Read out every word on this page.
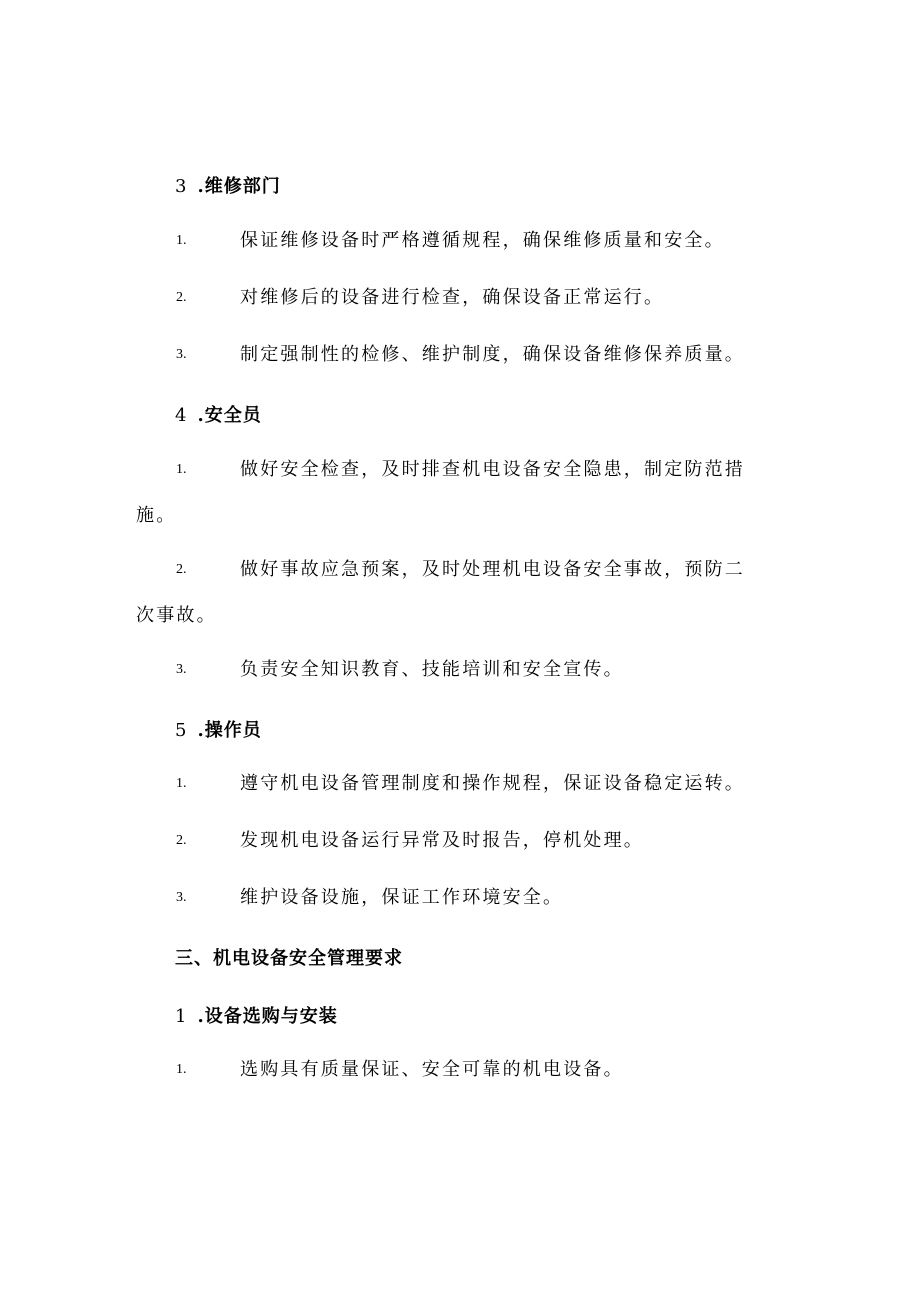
3 .维修部门
1.	保证维修设备时严格遵循规程，确保维修质量和安全。
2.	对维修后的设备进行检查，确保设备正常运行。
3.	制定强制性的检修、维护制度，确保设备维修保养质量。
4 .安全员
1.	做好安全检查，及时排查机电设备安全隐患，制定防范措
施。
2.	做好事故应急预案，及时处理机电设备安全事故，预防二
次事故。
3.	负责安全知识教育、技能培训和安全宣传。
5 .操作员
1.	遵守机电设备管理制度和操作规程，保证设备稳定运转。
2.	发现机电设备运行异常及时报告，停机处理。
3.	维护设备设施，保证工作环境安全。
三、机电设备安全管理要求
1 .设备选购与安装
1.	选购具有质量保证、安全可靠的机电设备。
